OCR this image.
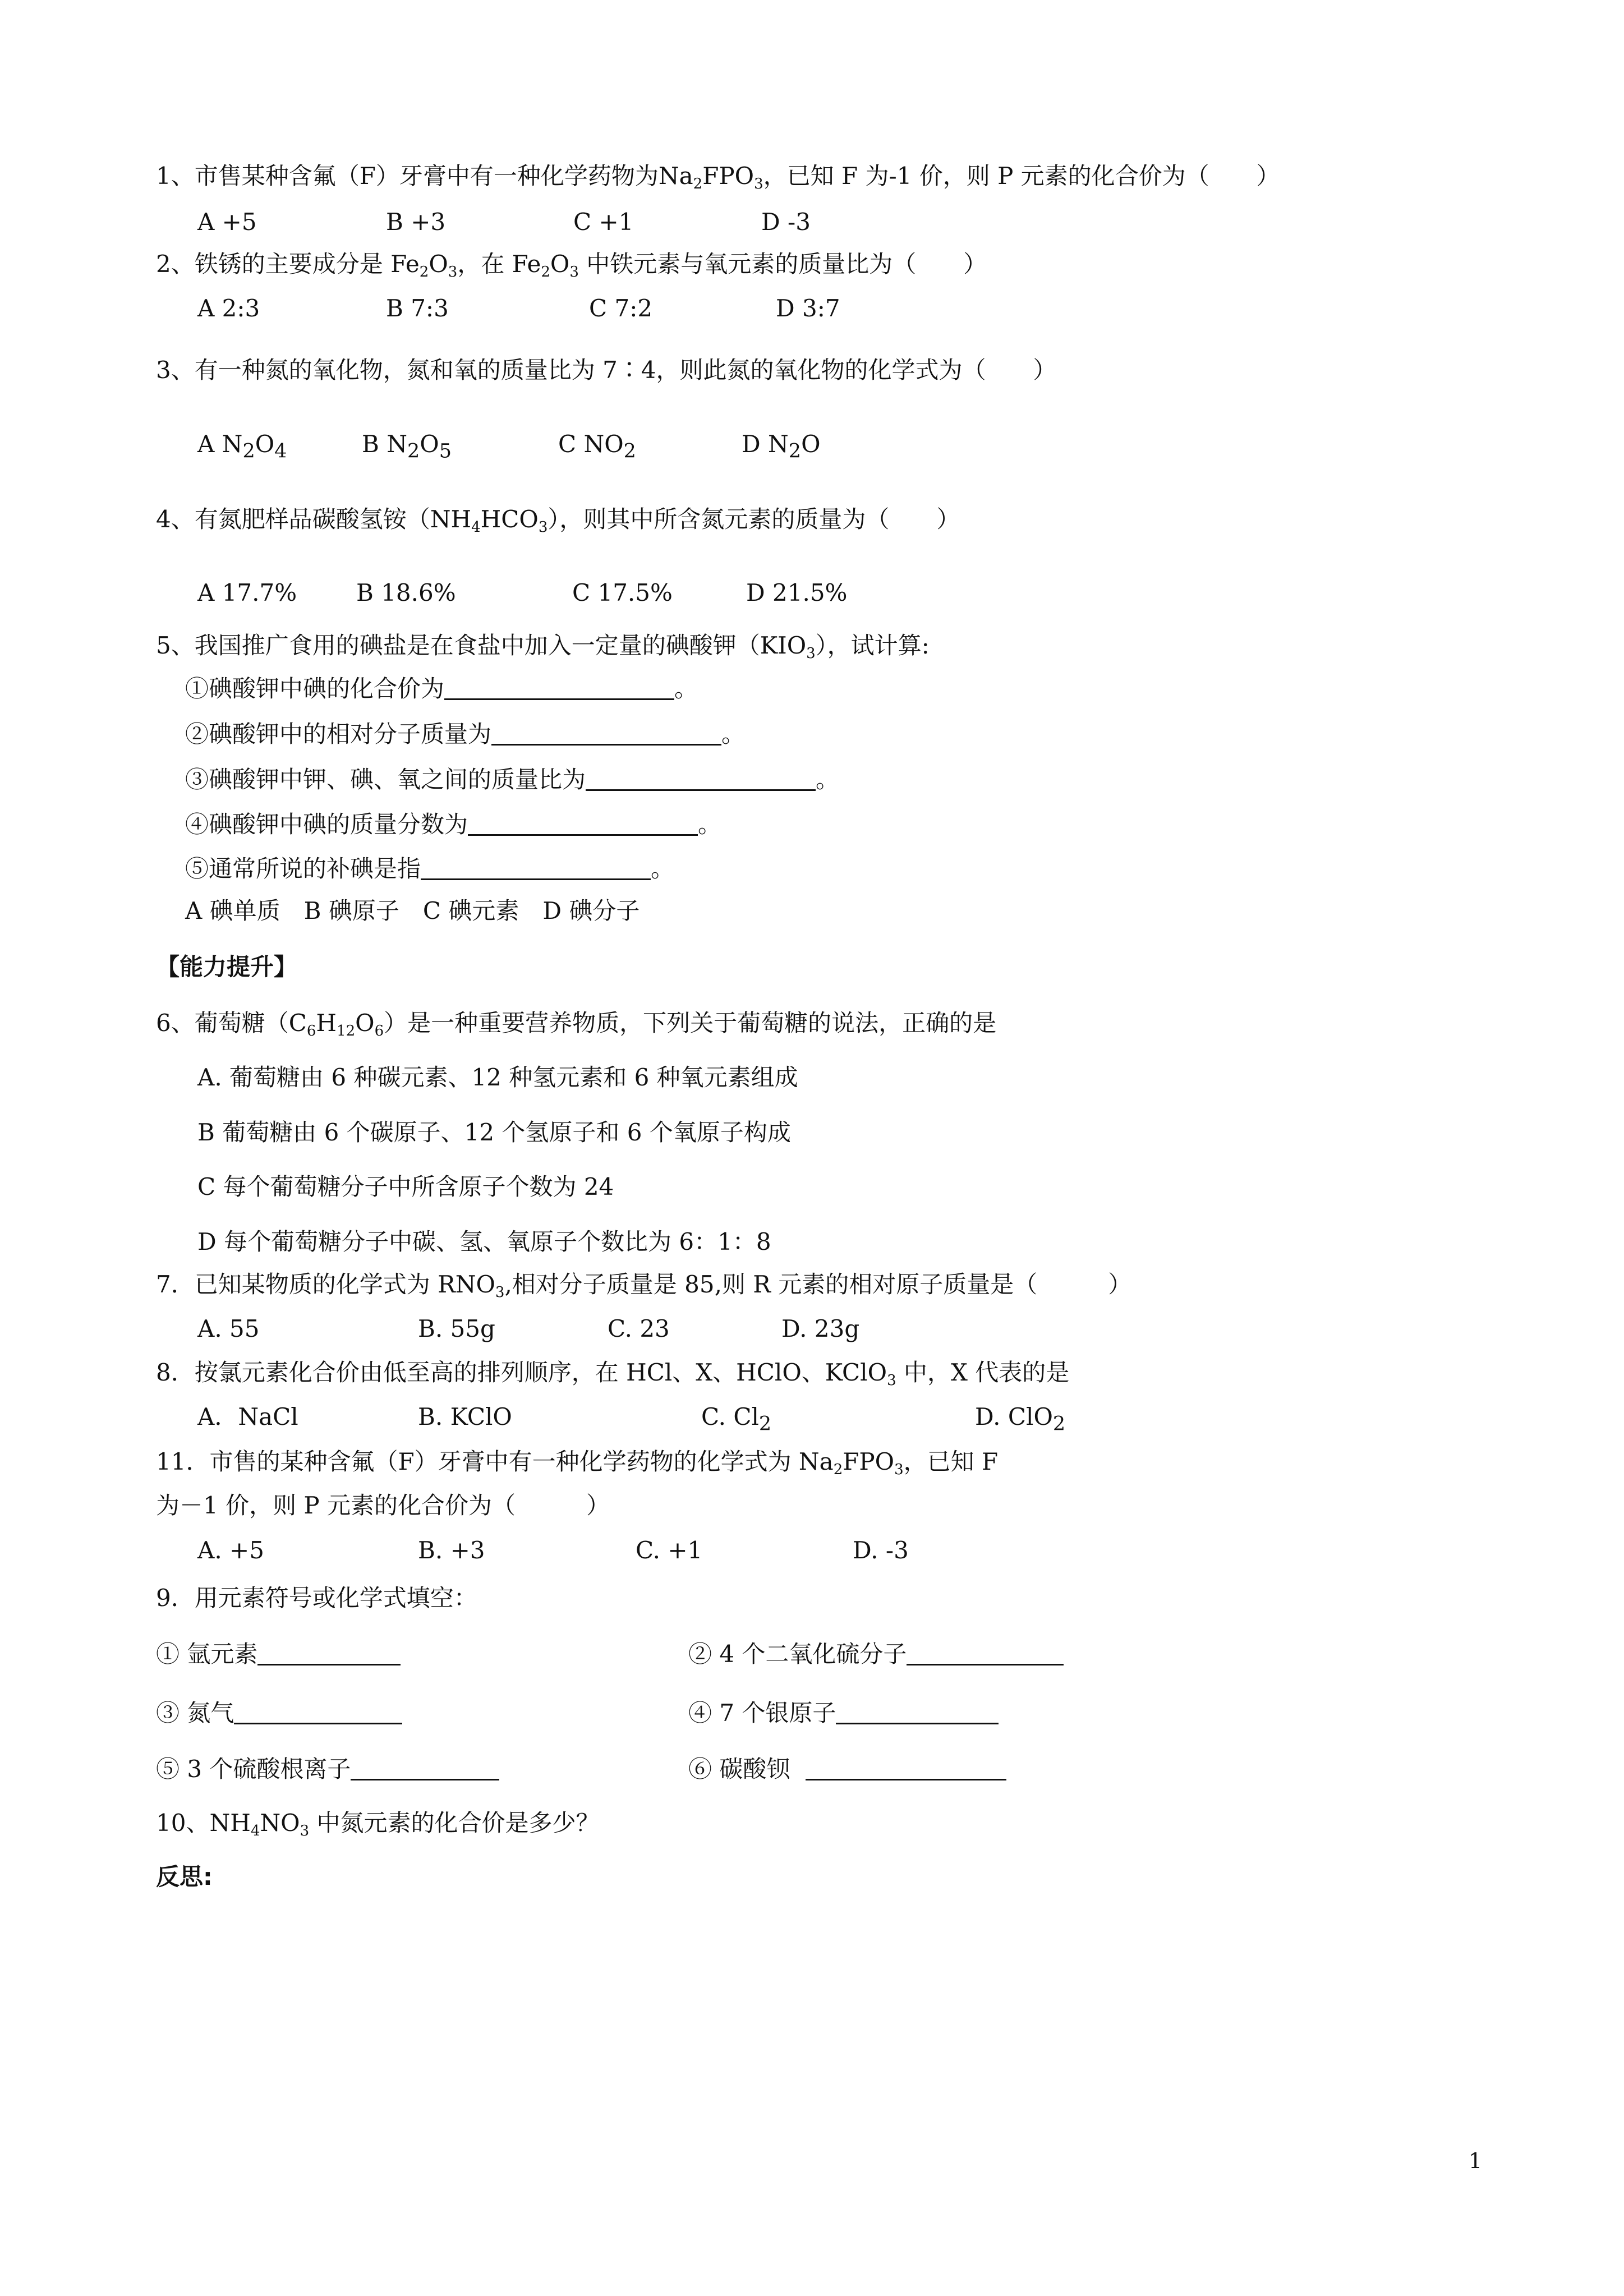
1、市售某种含氟（F）牙膏中有一种化学药物为$Na_2FPO_3$，已知 F 为-1 价，则 P 元素的化合价为（　　）
A +5	B +3	C +1	D -3
2、铁锈的主要成分是 $Fe_2O_3$，在 $Fe_2O_3$ 中铁元素与氧元素的质量比为（　　）
A 2:3	B 7:3	C 7:2	D 3:7
3、有一种氮的氧化物，氮和氧的质量比为 7∶4，则此氮的氧化物的化学式为（　　）
A $N_2O_4$	B $N_2O_5$	C $NO_2$	D $N_2O$
4、有氮肥样品碳酸氢铵$(NH_4HCO_3)$，则其中所含氮元素的质量为（　　）
A 17.7%	B 18.6%	C 17.5%	D 21.5%
5、我国推广食用的碘盐是在食盐中加入一定量的碘酸钾$(KIO_3)$，试计算:
①碘酸钾中碘的化合价为	。
②碘酸钾中的相对分子质量为	。
③碘酸钾中钾、碘、氧之间的质量比为	。
④碘酸钾中碘的质量分数为	。
⑤通常所说的补碘是指	。
A 碘单质　B 碘原子　C 碘元素　D 碘分子
【能力提升】
6、葡萄糖$(C_6H_{12}O_6)$是一种重要营养物质，下列关于葡萄糖的说法，正确的是
A. 葡萄糖由 6 种碳元素、12 种氢元素和 6 种氧元素组成
B 葡萄糖由 6 个碳原子、12 个氢原子和 6 个氧原子构成
C 每个葡萄糖分子中所含原子个数为 24
D 每个葡萄糖分子中碳、氢、氧原子个数比为 6：1：8
7．已知某物质的化学式为 $RNO_3$,相对分子质量是 85,则 R 元素的相对原子质量是（　　　）
A. 55	B. 55g	C. 23	D. 23g
8．按氯元素化合价由低至高的排列顺序，在 HCl、X、HClO、KClO$_3$ 中，X 代表的是
A．NaCl	B. KClO	C. $Cl_2$	D. ClO$_2$
11．市售的某种含氟（F）牙膏中有一种化学药物的化学式为 $Na_2FPO_3$，已知 F
为－1 价，则 P 元素的化合价为（　　　）
A. +5	B. +3	C. +1	D. -3
9．用元素符号或化学式填空：
① 氩元素	② 4 个二氧化硫分子
③ 氮气	④ 7 个银原子
⑤ 3 个硫酸根离子	⑥ 碳酸钡
10、$NH_4NO_3$ 中氮元素的化合价是多少？
反思:
1
